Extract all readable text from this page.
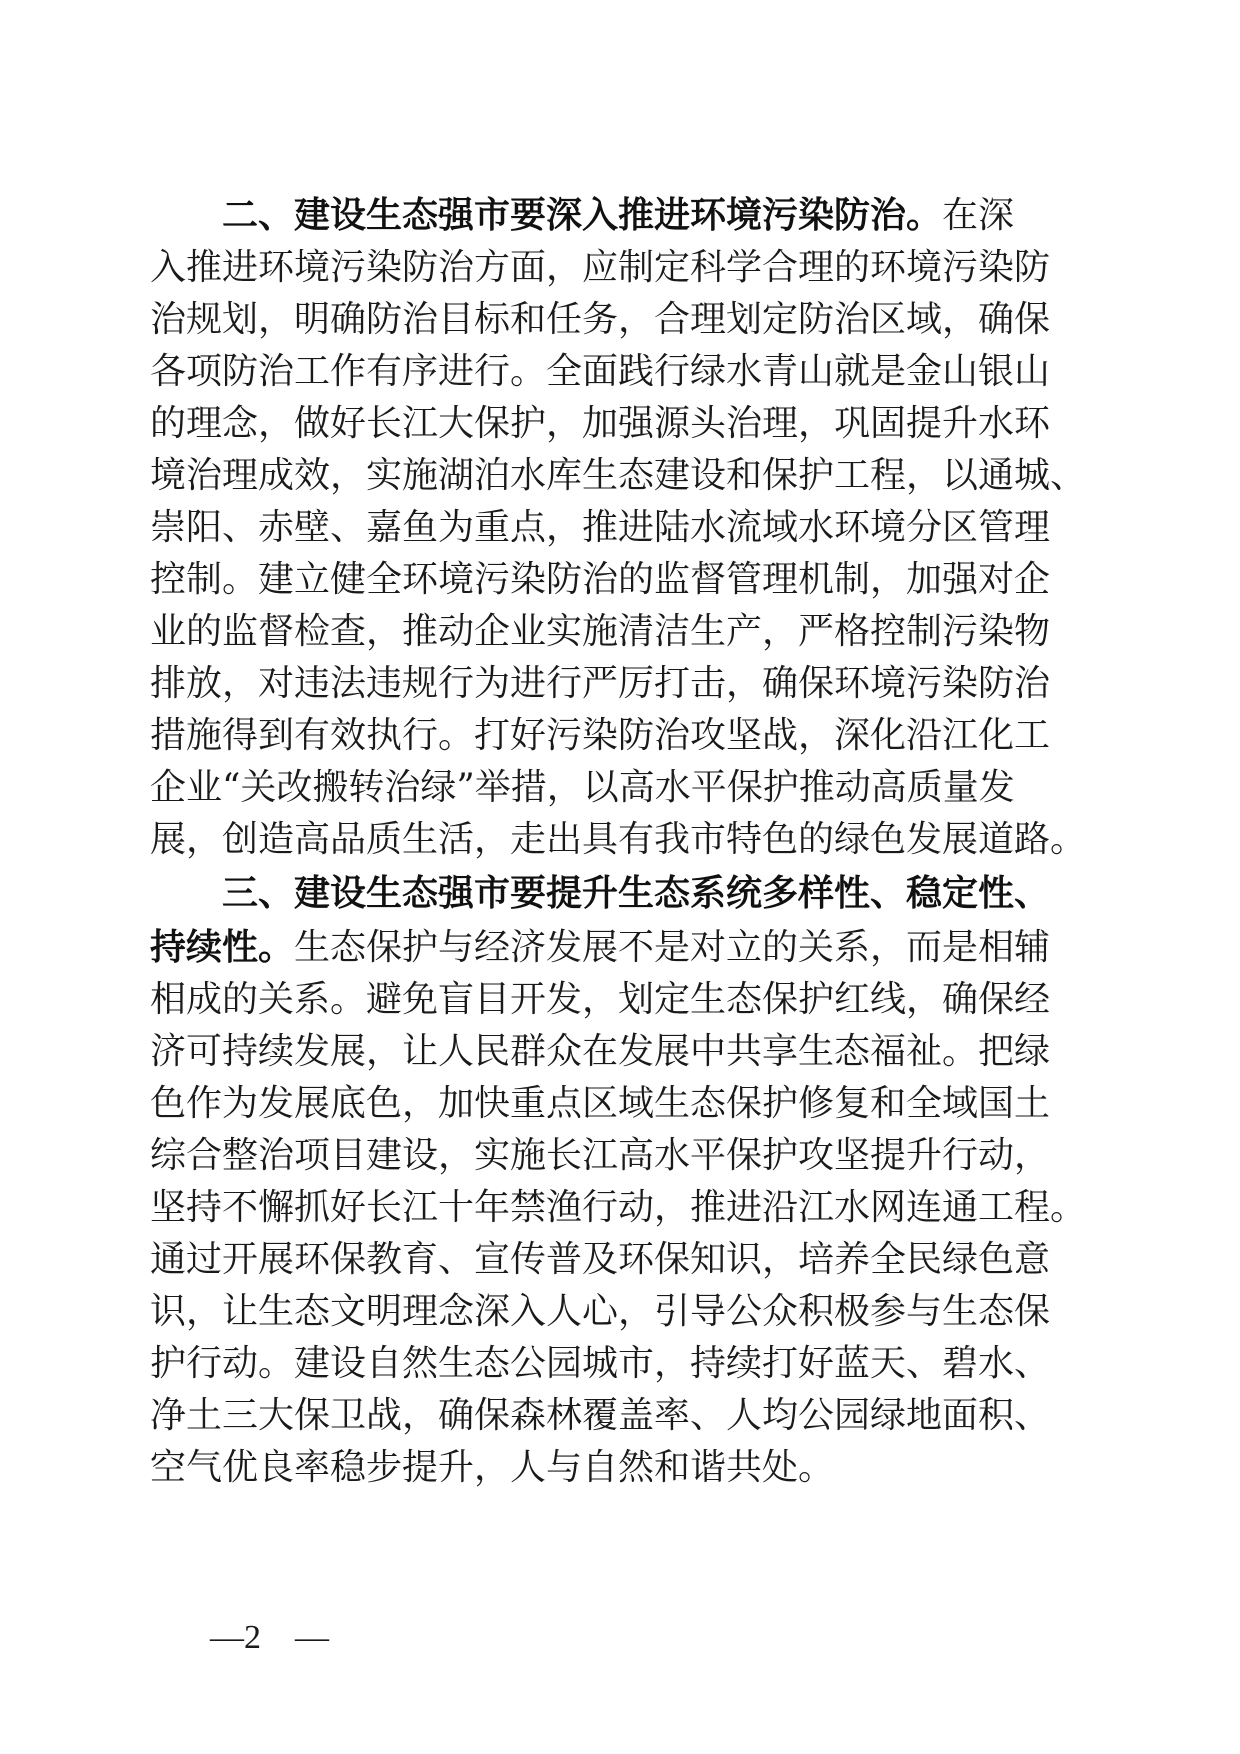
二、建设生态强市要深入推进环境污染防治。在深
入推进环境污染防治方面，应制定科学合理的环境污染防
治规划，明确防治目标和任务，合理划定防治区域，确保
各项防治工作有序进行。全面践行绿水青山就是金山银山
的理念，做好长江大保护，加强源头治理，巩固提升水环
境治理成效，实施湖泊水库生态建设和保护工程，以通城、
崇阳、赤壁、嘉鱼为重点，推进陆水流域水环境分区管理
控制。建立健全环境污染防治的监督管理机制，加强对企
业的监督检查，推动企业实施清洁生产，严格控制污染物
排放，对违法违规行为进行严厉打击，确保环境污染防治
措施得到有效执行。打好污染防治攻坚战，深化沿江化工
企业“关改搬转治绿”举措，以高水平保护推动高质量发
展，创造高品质生活，走出具有我市特色的绿色发展道路。
三、建设生态强市要提升生态系统多样性、稳定性、
持续性。生态保护与经济发展不是对立的关系，而是相辅
相成的关系。避免盲目开发，划定生态保护红线，确保经
济可持续发展，让人民群众在发展中共享生态福祉。把绿
色作为发展底色，加快重点区域生态保护修复和全域国土
综合整治项目建设，实施长江高水平保护攻坚提升行动，
坚持不懈抓好长江十年禁渔行动，推进沿江水网连通工程。
通过开展环保教育、宣传普及环保知识，培养全民绿色意
识，让生态文明理念深入人心，引导公众积极参与生态保
护行动。建设自然生态公园城市，持续打好蓝天、碧水、
净土三大保卫战，确保森林覆盖率、人均公园绿地面积、
空气优良率稳步提升，人与自然和谐共处。
—2　—
